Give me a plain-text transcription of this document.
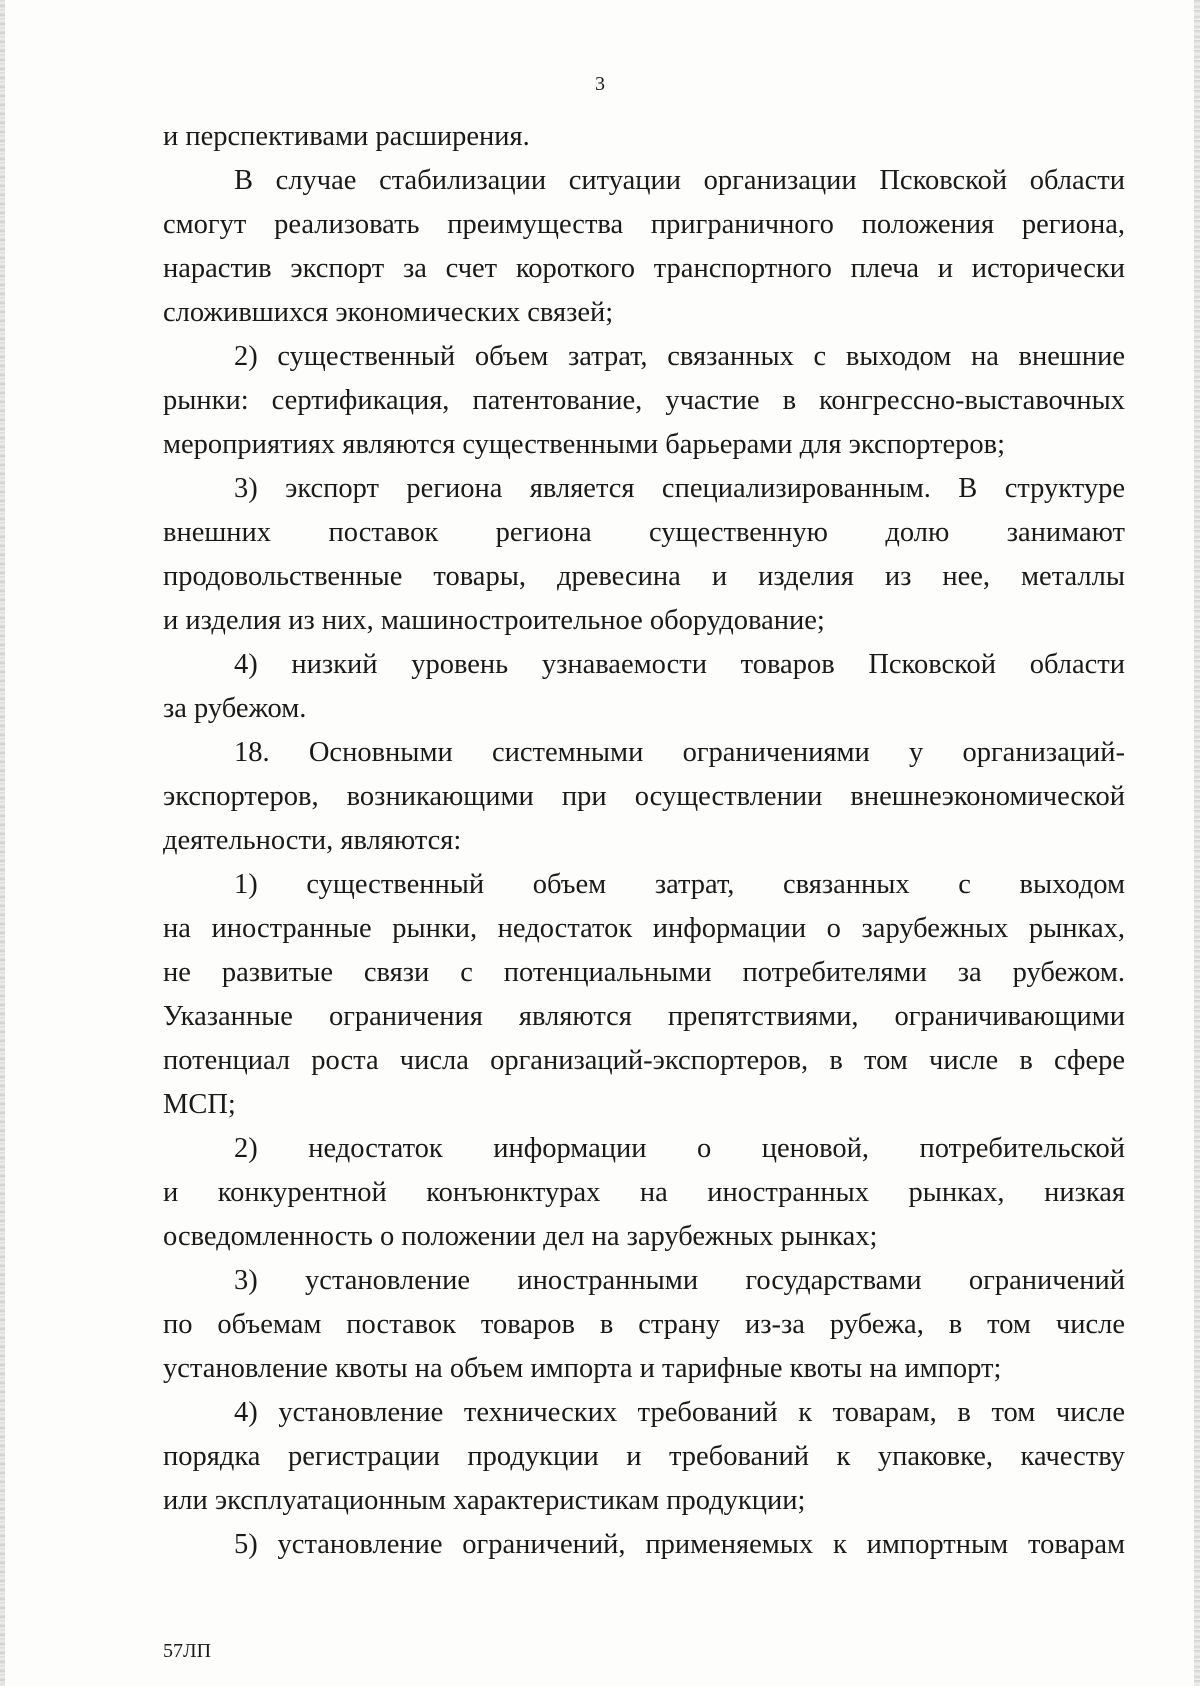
3
и перспективами расширения.
В случае стабилизации ситуации организации Псковской области
смогут реализовать преимущества приграничного положения региона,
нарастив экспорт за счет короткого транспортного плеча и исторически
сложившихся экономических связей;
2) существенный объем затрат, связанных с выходом на внешние
рынки: сертификация, патентование, участие в конгрессно-выставочных
мероприятиях являются существенными барьерами для экспортеров;
3) экспорт региона является специализированным. В структуре
внешних поставок региона существенную долю занимают
продовольственные товары, древесина и изделия из нее, металлы
и изделия из них, машиностроительное оборудование;
4) низкий уровень узнаваемости товаров Псковской области
за рубежом.
18. Основными системными ограничениями у организаций-
экспортеров, возникающими при осуществлении внешнеэкономической
деятельности, являются:
1) существенный объем затрат, связанных с выходом
на иностранные рынки, недостаток информации о зарубежных рынках,
не развитые связи с потенциальными потребителями за рубежом.
Указанные ограничения являются препятствиями, ограничивающими
потенциал роста числа организаций-экспортеров, в том числе в сфере
МСП;
2) недостаток информации о ценовой, потребительской
и конкурентной конъюнктурах на иностранных рынках, низкая
осведомленность о положении дел на зарубежных рынках;
3) установление иностранными государствами ограничений
по объемам поставок товаров в страну из-за рубежа, в том числе
установление квоты на объем импорта и тарифные квоты на импорт;
4) установление технических требований к товарам, в том числе
порядка регистрации продукции и требований к упаковке, качеству
или эксплуатационным характеристикам продукции;
5) установление ограничений, применяемых к импортным товарам
57ЛП
